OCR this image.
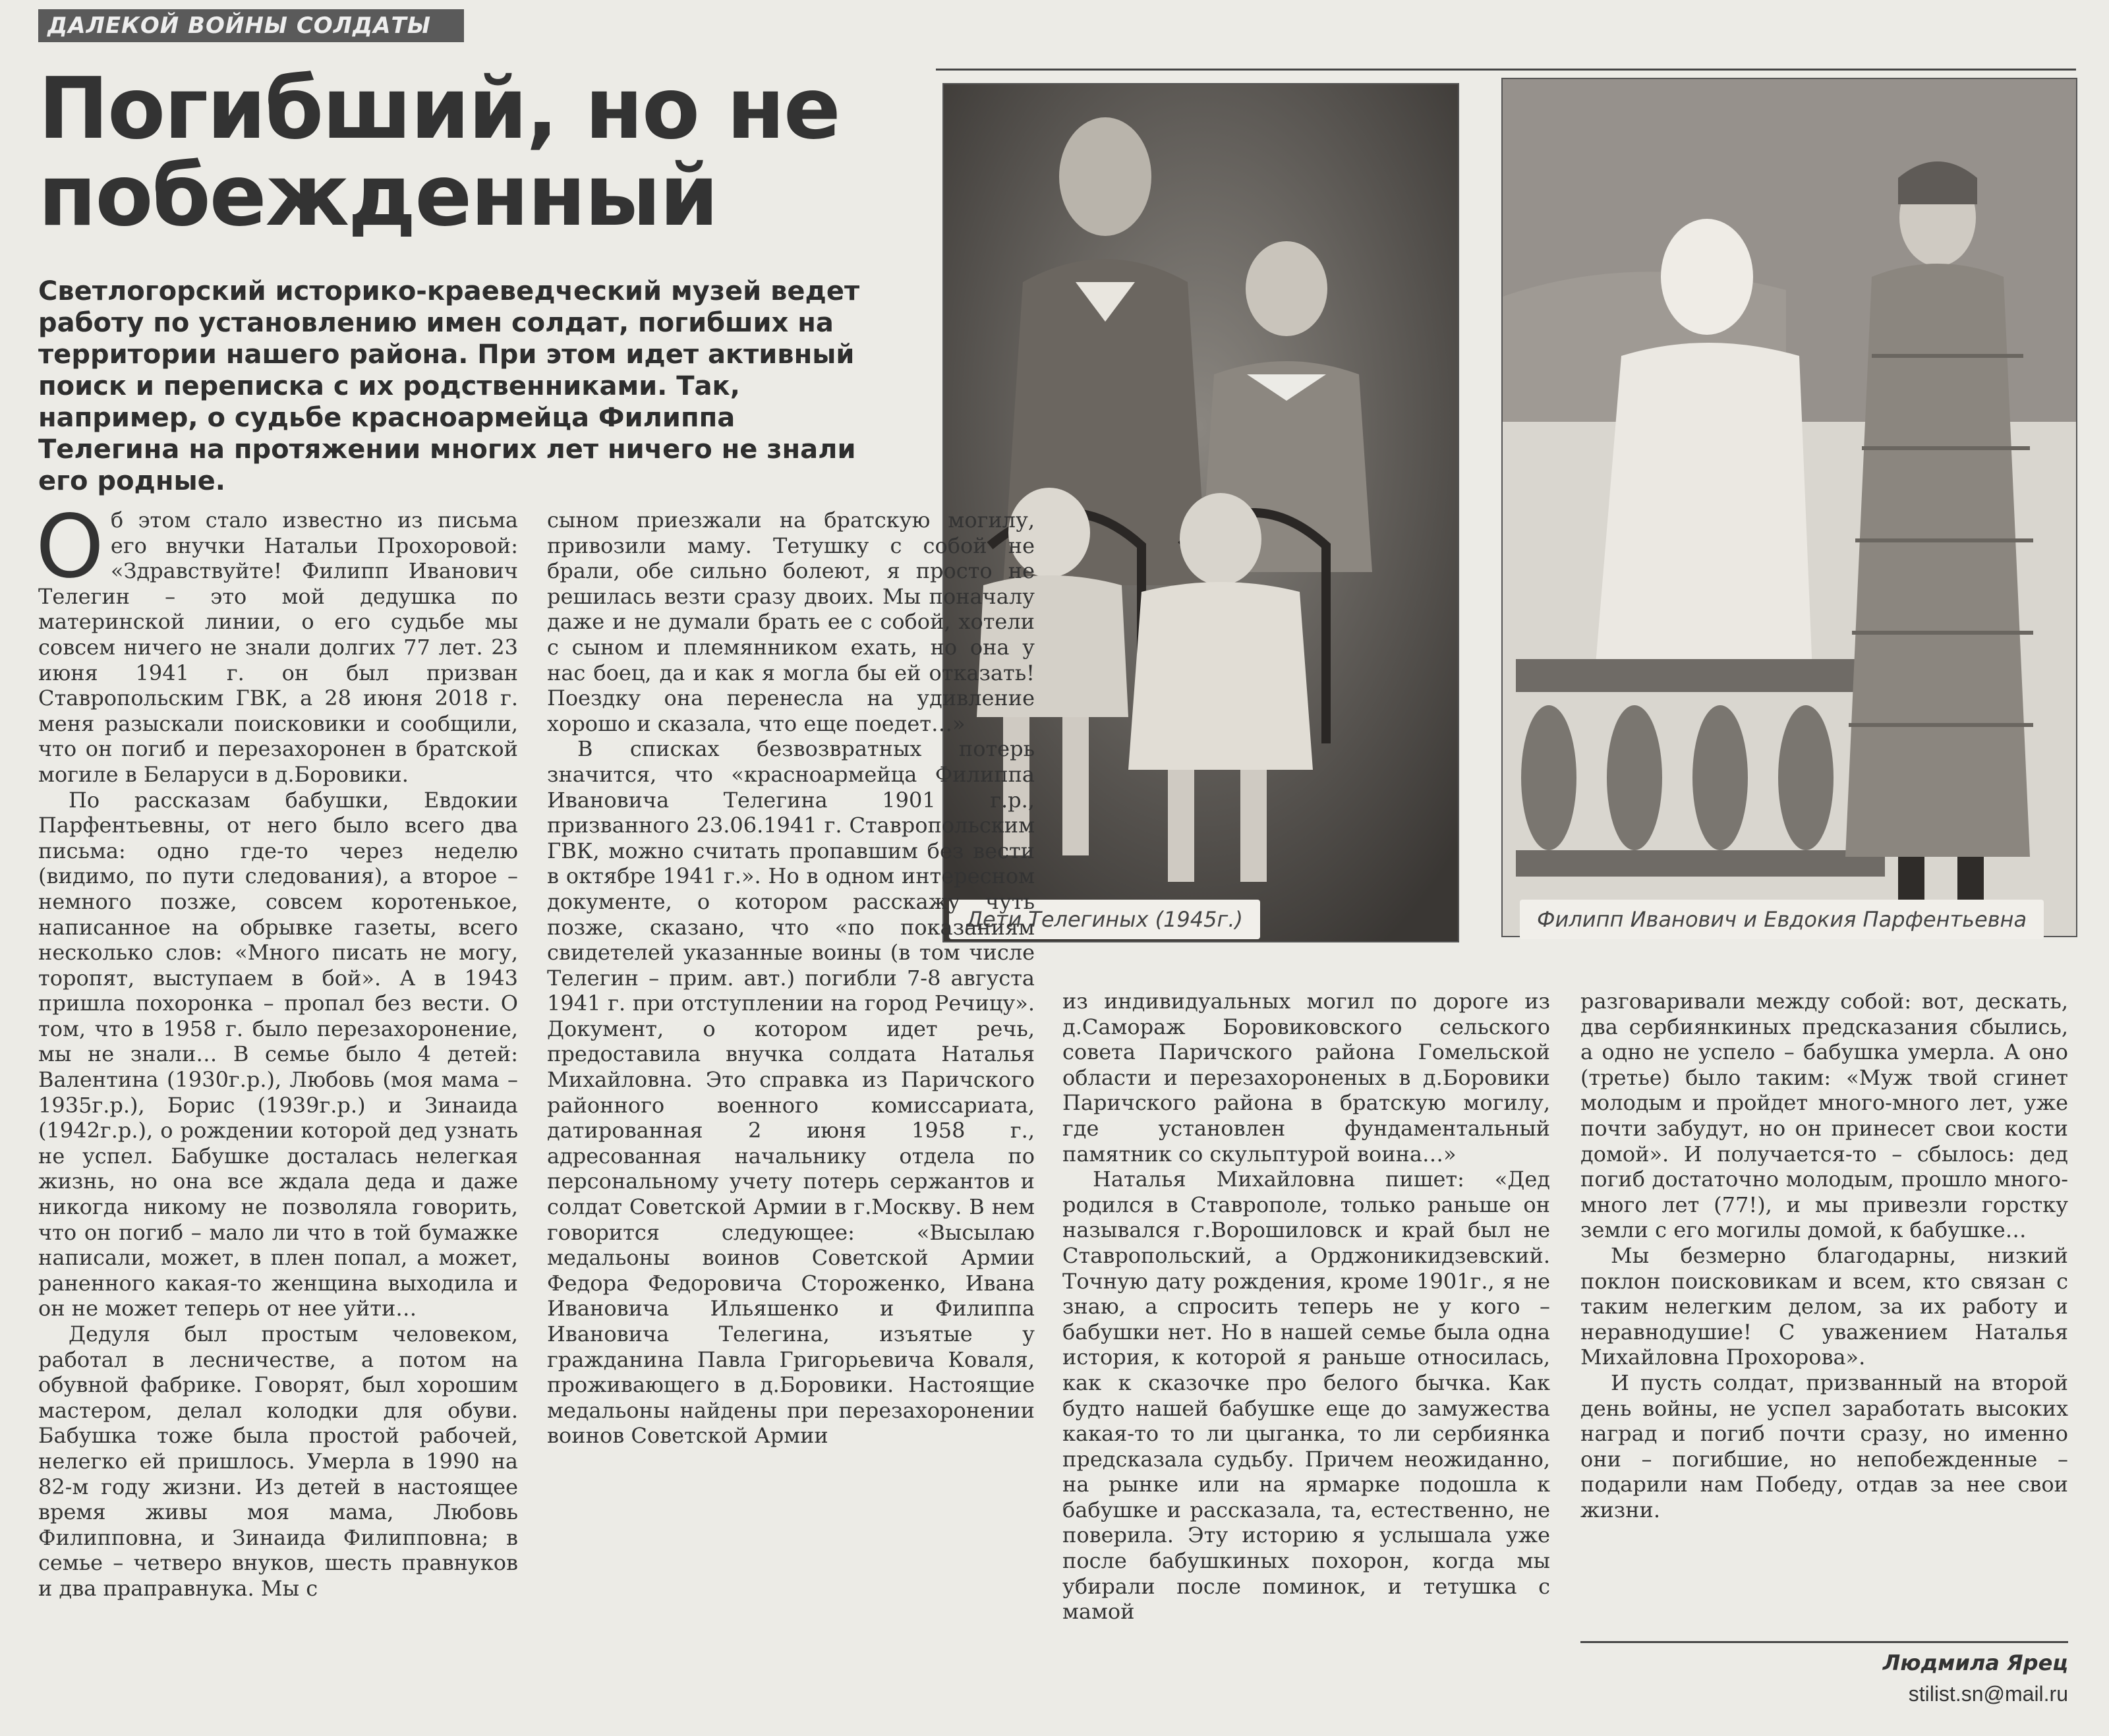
ДАЛЕКОЙ ВОЙНЫ СОЛДАТЫ
Погибший, но не побежденный
Светлогорский историко-краеведческий музей ведет работу по установлению имен солдат, погибших на территории нашего района. При этом идет активный поиск и переписка с их родственниками. Так, например, о судьбе красноармейца Филиппа Телегина на протяжении многих лет ничего не знали его родные.
Дети Телегиных (1945г.)	Филипп Иванович и Евдокия Парфентьевна

Об этом стало известно из письма его внучки Натальи Прохоровой: «Здравствуйте! Филипп Иванович Телегин – это мой дедушка по материнской линии, о его судьбе мы совсем ничего не знали долгих 77 лет. 23 июня 1941 г. он был призван Ставропольским ГВК, а 28 июня 2018 г. меня разыскали поисковики и сообщили, что он погиб и перезахоронен в братской могиле в Беларуси в д.Боровики.

По рассказам бабушки, Евдокии Парфентьевны, от него было всего два письма: одно где-то через неделю (видимо, по пути следования), а второе – немного позже, совсем коротенькое, написанное на обрывке газеты, всего несколько слов: «Много писать не могу, торопят, выступаем в бой». А в 1943 пришла похоронка – пропал без вести. О том, что в 1958 г. было перезахоронение, мы не знали… В семье было 4 детей: Валентина (1930г.р.), Любовь (моя мама – 1935г.р.), Борис (1939г.р.) и Зинаида (1942г.р.), о рождении которой дед узнать не успел. Бабушке досталась нелегкая жизнь, но она все ждала деда и даже никогда никому не позволяла говорить, что он погиб – мало ли что в той бумажке написали, может, в плен попал, а может, раненного какая-то женщина выходила и он не может теперь от нее уйти…

Дедуля был простым человеком, работал в лесничестве, а потом на обувной фабрике. Говорят, был хорошим мастером, делал колодки для обуви. Бабушка тоже была простой рабочей, нелегко ей пришлось. Умерла в 1990 на 82-м году жизни. Из детей в настоящее время живы моя мама, Любовь Филипповна, и Зинаида Филипповна; в семье – четверо внуков, шесть правнуков и два праправнука. Мы с

сыном приезжали на братскую могилу, привозили маму. Тетушку с собой не брали, обе сильно болеют, я просто не решилась везти сразу двоих. Мы поначалу даже и не думали брать ее с собой, хотели с сыном и племянником ехать, но она у нас боец, да и как я могла бы ей отказать! Поездку она перенесла на удивление хорошо и сказала, что еще поедет…»

В списках безвозвратных потерь значится, что «красноармейца Филиппа Ивановича Телегина 1901 г.р., призванного 23.06.1941 г. Ставропольским ГВК, можно считать пропавшим без вести в октябре 1941 г.». Но в одном интересном документе, о котором расскажу чуть позже, сказано, что «по показаниям свидетелей указанные воины (в том числе Телегин – прим. авт.) погибли 7-8 августа 1941 г. при отступлении на город Речицу». Документ, о котором идет речь, предоставила внучка солдата Наталья Михайловна. Это справка из Паричского районного военного комиссариата, датированная 2 июня 1958 г., адресованная начальнику отдела по персональному учету потерь сержантов и солдат Советской Армии в г.Москву. В нем говорится следующее: «Высылаю медальоны воинов Советской Армии Федора Федоровича Стороженко, Ивана Ивановича Ильяшенко и Филиппа Ивановича Телегина, изъятые у гражданина Павла Григорьевича Коваля, проживающего в д.Боровики. Настоящие медальоны найдены при перезахоронении воинов Советской Армии

из индивидуальных могил по дороге из д.Самораж Боровиковского сельского совета Паричского района Гомельской области и перезахороненых в д.Боровики Паричского района в братскую могилу, где установлен фундаментальный памятник со скульптурой воина…»

Наталья Михайловна пишет: «Дед родился в Ставрополе, только раньше он назывался г.Ворошиловск и край был не Ставропольский, а Орджоникидзевский. Точную дату рождения, кроме 1901г., я не знаю, а спросить теперь не у кого – бабушки нет. Но в нашей семье была одна история, к которой я раньше относилась, как к сказочке про белого бычка. Как будто нашей бабушке еще до замужества какая-то то ли цыганка, то ли сербиянка предсказала судьбу. Причем неожиданно, на рынке или на ярмарке подошла к бабушке и рассказала, та, естественно, не поверила. Эту историю я услышала уже после бабушкиных похорон, когда мы убирали после поминок, и тетушка с мамой

разговаривали между собой: вот, дескать, два сербиянкиных предсказания сбылись, а одно не успело – бабушка умерла. А оно (третье) было таким: «Муж твой сгинет молодым и пройдет много-много лет, уже почти забудут, но он принесет свои кости домой». И получается-то – сбылось: дед погиб достаточно молодым, прошло много-много лет (77!), и мы привезли горстку земли с его могилы домой, к бабушке…

Мы безмерно благодарны, низкий поклон поисковикам и всем, кто связан с таким нелегким делом, за их работу и неравнодушие! С уважением Наталья Михайловна Прохорова».

И пусть солдат, призванный на второй день войны, не успел заработать высоких наград и погиб почти сразу, но именно они – погибшие, но непобежденные – подарили нам Победу, отдав за нее свои жизни.

Людмила Ярец
stilist.sn@mail.ru
